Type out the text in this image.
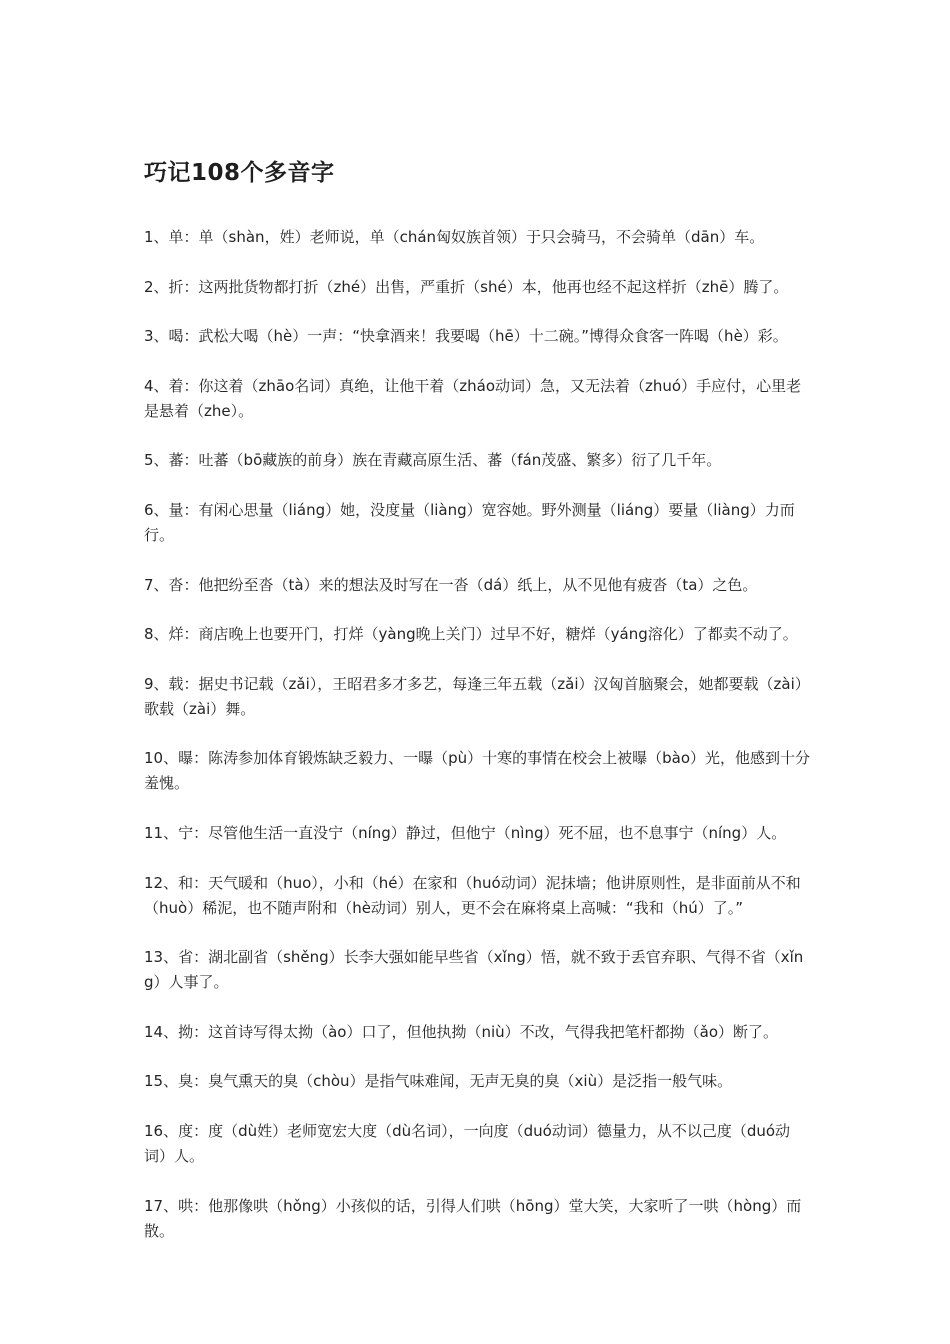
巧记108个多音字

1、单：单（shàn，姓）老师说，单（chán匈奴族首领）于只会骑马，不会骑单（dān）车。

2、折：这两批货物都打折（zhé）出售，严重折（shé）本，他再也经不起这样折（zhē）腾了。

3、喝：武松大喝（hè）一声：“快拿酒来！我要喝（hē）十二碗。”博得众食客一阵喝（hè）彩。

4、着：你这着（zhāo名词）真绝，让他干着（zháo动词）急，又无法着（zhuó）手应付，心里老是悬着（zhe）。

5、蕃：吐蕃（bō藏族的前身）族在青藏高原生活、蕃（fán茂盛、繁多）衍了几千年。

6、量：有闲心思量（liáng）她，没度量（liàng）宽容她。野外测量（liáng）要量（liàng）力而行。

7、沓：他把纷至沓（tà）来的想法及时写在一沓（dá）纸上，从不见他有疲沓（ta）之色。

8、烊：商店晚上也要开门，打烊（yàng晚上关门）过早不好，糖烊（yáng溶化）了都卖不动了。

9、载：据史书记载（zǎi），王昭君多才多艺，每逢三年五载（zǎi）汉匈首脑聚会，她都要载（zài）歌载（zài）舞。

10、曝：陈涛参加体育锻炼缺乏毅力、一曝（pù）十寒的事情在校会上被曝（bào）光，他感到十分羞愧。

11、宁：尽管他生活一直没宁（níng）静过，但他宁（nìng）死不屈，也不息事宁（níng）人。

12、和：天气暖和（huo），小和（hé）在家和（huó动词）泥抹墙；他讲原则性，是非面前从不和（huò）稀泥，也不随声附和（hè动词）别人，更不会在麻将桌上高喊：“我和（hú）了。”

13、省：湖北副省（shěng）长李大强如能早些省（xǐng）悟，就不致于丢官弃职、气得不省（xǐng）人事了。

14、拗：这首诗写得太拗（ào）口了，但他执拗（niù）不改，气得我把笔杆都拗（ǎo）断了。

15、臭：臭气熏天的臭（chòu）是指气味难闻，无声无臭的臭（xiù）是泛指一般气味。

16、度：度（dù姓）老师宽宏大度（dù名词），一向度（duó动词）德量力，从不以己度（duó动词）人。

17、哄：他那像哄（hǒng）小孩似的话，引得人们哄（hōng）堂大笑，大家听了一哄（hòng）而散。
